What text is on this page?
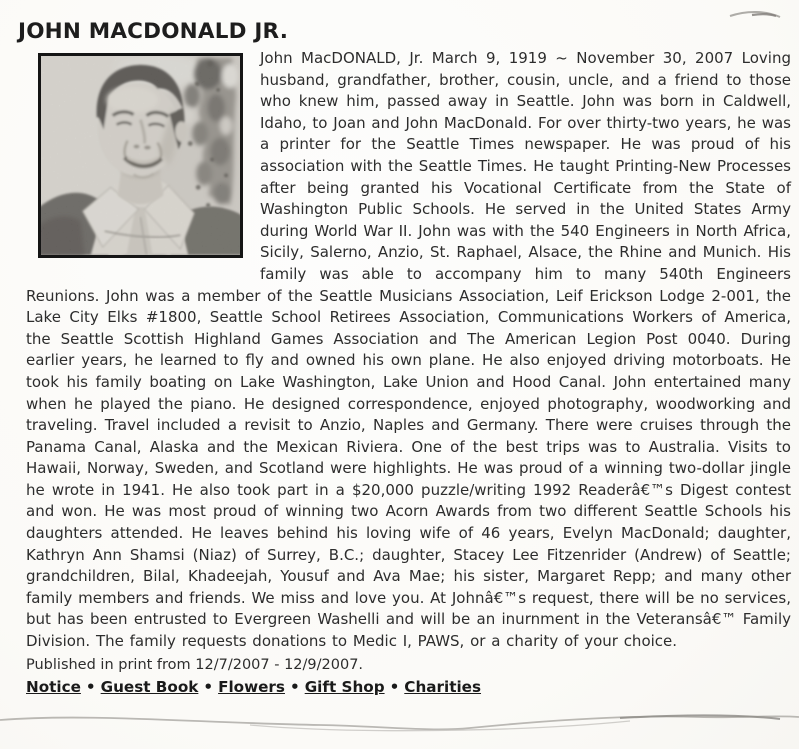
JOHN MACDONALD JR.

John MacDONALD, Jr. March 9, 1919 ~ November 30, 2007 Loving husband, grandfather, brother, cousin, uncle, and a friend to those who knew him, passed away in Seattle. John was born in Caldwell, Idaho, to Joan and John MacDonald. For over thirty-two years, he was a printer for the Seattle Times newspaper. He was proud of his association with the Seattle Times. He taught Printing-New Processes after being granted his Vocational Certificate from the State of Washington Public Schools. He served in the United States Army during World War II. John was with the 540 Engineers in North Africa, Sicily, Salerno, Anzio, St. Raphael, Alsace, the Rhine and Munich. His family was able to accompany him to many 540th Engineers Reunions. John was a member of the Seattle Musicians Association, Leif Erickson Lodge 2-001, the Lake City Elks #1800, Seattle School Retirees Association, Communications Workers of America, the Seattle Scottish Highland Games Association and The American Legion Post 0040. During earlier years, he learned to fly and owned his own plane. He also enjoyed driving motorboats. He took his family boating on Lake Washington, Lake Union and Hood Canal. John entertained many when he played the piano. He designed correspondence, enjoyed photography, woodworking and traveling. Travel included a revisit to Anzio, Naples and Germany. There were cruises through the Panama Canal, Alaska and the Mexican Riviera. One of the best trips was to Australia. Visits to Hawaii, Norway, Sweden, and Scotland were highlights. He was proud of a winning two-dollar jingle he wrote in 1941. He also took part in a $20,000 puzzle/writing 1992 Readerâ€™s Digest contest and won. He was most proud of winning two Acorn Awards from two different Seattle Schools his daughters attended. He leaves behind his loving wife of 46 years, Evelyn MacDonald; daughter, Kathryn Ann Shamsi (Niaz) of Surrey, B.C.; daughter, Stacey Lee Fitzenrider (Andrew) of Seattle; grandchildren, Bilal, Khadeejah, Yousuf and Ava Mae; his sister, Margaret Repp; and many other family members and friends. We miss and love you. At Johnâ€™s request, there will be no services, but has been entrusted to Evergreen Washelli and will be an inurnment in the Veteransâ€™ Family Division. The family requests donations to Medic I, PAWS, or a charity of your choice.

Published in print from 12/7/2007 - 12/9/2007.

Notice • Guest Book • Flowers • Gift Shop • Charities
